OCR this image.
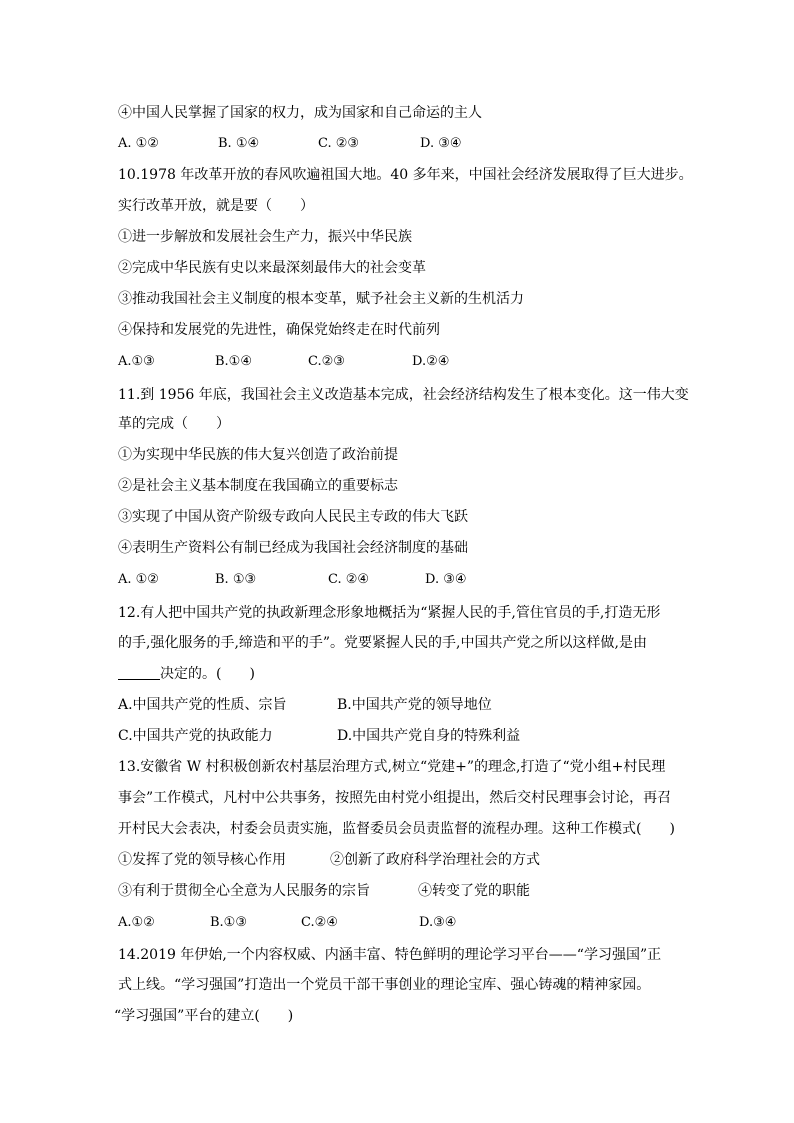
④中国人民掌握了国家的权力，成为国家和自己命运的主人
A. ①②	B. ①④	C. ②③	D. ③④
10.1978 年改革开放的春风吹遍祖国大地。40 多年来，中国社会经济发展取得了巨大进步。
实行改革开放，就是要（　　）
①进一步解放和发展社会生产力，振兴中华民族
②完成中华民族有史以来最深刻最伟大的社会变革
③推动我国社会主义制度的根本变革，赋予社会主义新的生机活力
④保持和发展党的先进性，确保党始终走在时代前列
A.①③	B.①④	C.②③	D.②④
11.到 1956 年底，我国社会主义改造基本完成，社会经济结构发生了根本变化。这一伟大变
革的完成（　　）
①为实现中华民族的伟大复兴创造了政治前提
②是社会主义基本制度在我国确立的重要标志
③实现了中国从资产阶级专政向人民民主专政的伟大飞跃
④表明生产资料公有制已经成为我国社会经济制度的基础
A. ①②	B. ①③	C. ②④	D. ③④
12.有人把中国共产党的执政新理念形象地概括为“紧握人民的手,管住官员的手,打造无形
的手,强化服务的手,缔造和平的手”。党要紧握人民的手,中国共产党之所以这样做,是由
决定的。(　　)
A.中国共产党的性质、宗旨	B.中国共产党的领导地位
C.中国共产党的执政能力	D.中国共产党自身的特殊利益
13.安徽省 W 村积极创新农村基层治理方式,树立“党建+”的理念,打造了“党小组+村民理
事会”工作模式，凡村中公共事务，按照先由村党小组提出，然后交村民理事会讨论，再召
开村民大会表决，村委会员责实施，监督委员会员责监督的流程办理。这种工作模式(　　)
①发挥了党的领导核心作用	②创新了政府科学治理社会的方式
③有利于贯彻全心全意为人民服务的宗旨	④转变了党的职能
A.①②	B.①③	C.②④	D.③④
14.2019 年伊始,一个内容权威、内涵丰富、特色鲜明的理论学习平台——“学习强国”正
式上线。“学习强国”打造出一个党员干部干事创业的理论宝库、强心铸魂的精神家园。
“学习强国”平台的建立(　　)
